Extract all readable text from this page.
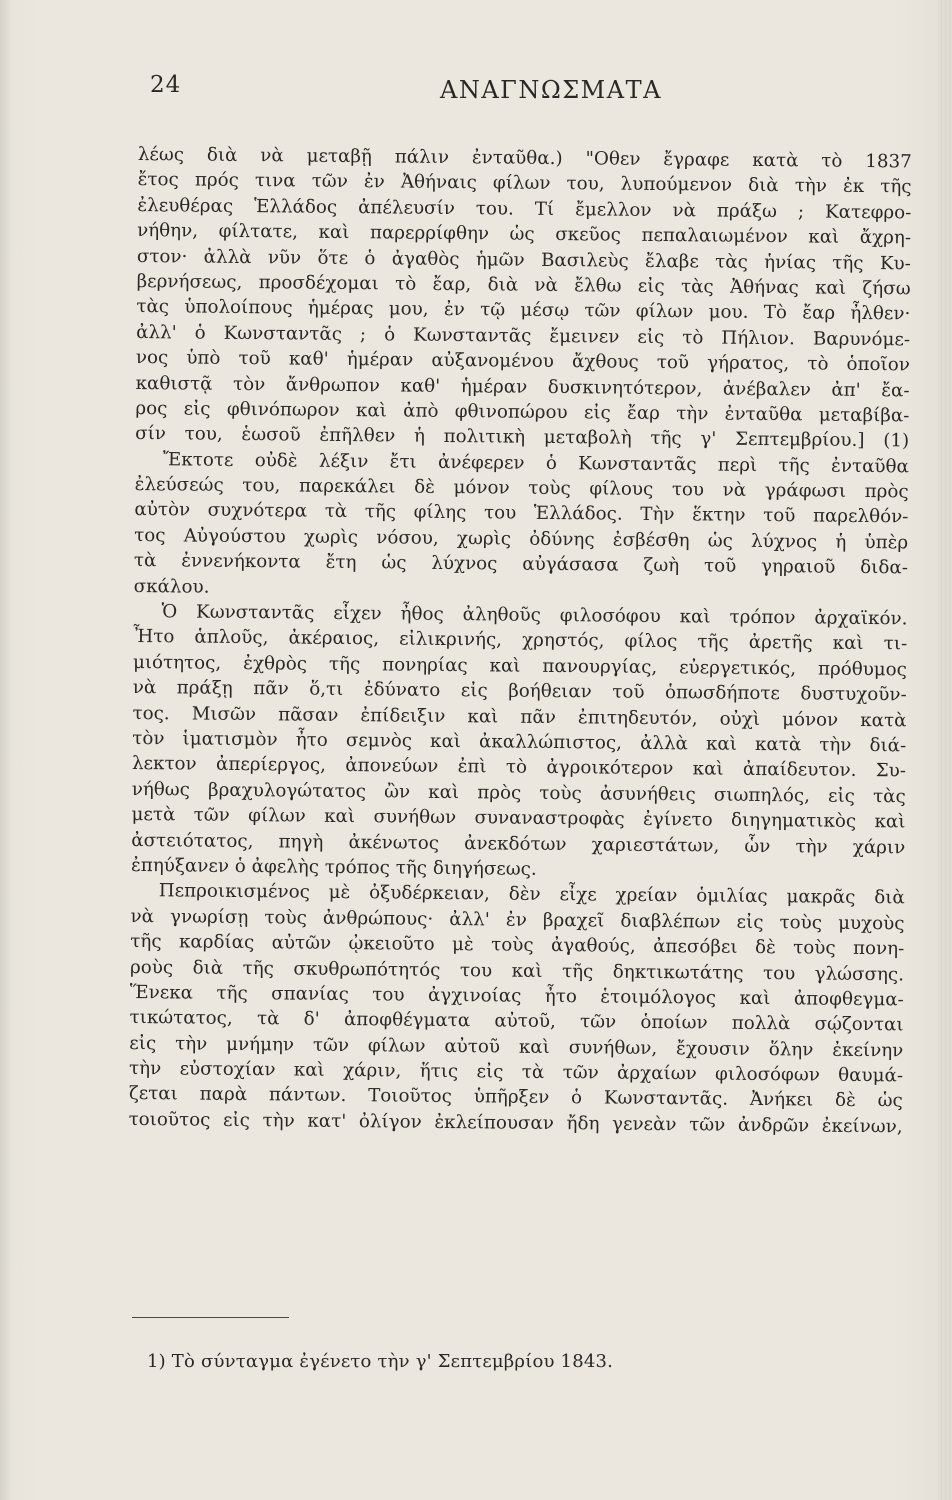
24	ΑΝΑΓΝΩΣΜΑΤΑ
λέως διὰ νὰ μεταβῇ πάλιν ἐνταῦθα.) "Οθεν ἔγραφε κατὰ τὸ 1837
ἔτος πρός τινα τῶν ἐν Ἀθήναις φίλων του, λυπούμενον διὰ τὴν ἐκ τῆς
ἐλευθέρας Ἑλλάδος ἀπέλευσίν του. Τί ἔμελλον νὰ πράξω ; Κατεφρο-
νήθην, φίλτατε, καὶ παρερρίφθην ὡς σκεῦος πεπαλαιωμένον καὶ ἄχρη-
στον· ἀλλὰ νῦν ὅτε ὁ ἀγαθὸς ἡμῶν Βασιλεὺς ἔλαβε τὰς ἡνίας τῆς Κυ-
βερνήσεως, προσδέχομαι τὸ ἔαρ, διὰ νὰ ἔλθω εἰς τὰς Ἀθήνας καὶ ζήσω
τὰς ὑπολοίπους ἡμέρας μου, ἐν τῷ μέσῳ τῶν φίλων μου. Τὸ ἔαρ ἦλθεν·
ἀλλ' ὁ Κωνσταντᾶς ; ὁ Κωνσταντᾶς ἔμεινεν εἰς τὸ Πήλιον. Βαρυνόμε-
νος ὑπὸ τοῦ καθ' ἡμέραν αὐξανομένου ἄχθους τοῦ γήρατος, τὸ ὁποῖον
καθιστᾷ τὸν ἄνθρωπον καθ' ἡμέραν δυσκινητότερον, ἀνέβαλεν ἀπ' ἔα-
ρος εἰς φθινόπωρον καὶ ἀπὸ φθινοπώρου εἰς ἔαρ τὴν ἐνταῦθα μεταβίβα-
σίν του, ἑωσοῦ ἐπῆλθεν ἡ πολιτικὴ μεταβολὴ τῆς γ' Σεπτεμβρίου.] (1)
Ἔκτοτε οὐδὲ λέξιν ἔτι ἀνέφερεν ὁ Κωνσταντᾶς περὶ τῆς ἐνταῦθα
ἐλεύσεώς του, παρεκάλει δὲ μόνον τοὺς φίλους του νὰ γράφωσι πρὸς
αὐτὸν συχνότερα τὰ τῆς φίλης του Ἑλλάδος. Τὴν ἕκτην τοῦ παρελθόν-
τος Αὐγούστου χωρὶς νόσου, χωρὶς ὀδύνης ἐσβέσθη ὡς λύχνος ἡ ὑπὲρ
τὰ ἐννενήκοντα ἔτη ὡς λύχνος αὐγάσασα ζωὴ τοῦ γηραιοῦ διδα-
σκάλου.
Ὁ Κωνσταντᾶς εἶχεν ἦθος ἀληθοῦς φιλοσόφου καὶ τρόπον ἀρχαϊκόν.
Ἦτο ἁπλοῦς, ἀκέραιος, εἰλικρινής, χρηστός, φίλος τῆς ἀρετῆς καὶ τι-
μιότητος, ἐχθρὸς τῆς πονηρίας καὶ πανουργίας, εὐεργετικός, πρόθυμος
νὰ πράξῃ πᾶν ὅ,τι ἐδύνατο εἰς βοήθειαν τοῦ ὁπωσδήποτε δυστυχοῦν-
τος. Μισῶν πᾶσαν ἐπίδειξιν καὶ πᾶν ἐπιτηδευτόν, οὐχὶ μόνον κατὰ
τὸν ἱματισμὸν ἦτο σεμνὸς καὶ ἀκαλλώπιστος, ἀλλὰ καὶ κατὰ τὴν διά-
λεκτον ἀπερίεργος, ἀπονεύων ἐπὶ τὸ ἀγροικότερον καὶ ἀπαίδευτον. Συ-
νήθως βραχυλογώτατος ὢν καὶ πρὸς τοὺς ἀσυνήθεις σιωπηλός, εἰς τὰς
μετὰ τῶν φίλων καὶ συνήθων συναναστροφὰς ἐγίνετο διηγηματικὸς καὶ
ἀστειότατος, πηγὴ ἀκένωτος ἀνεκδότων χαριεστάτων, ὧν τὴν χάριν
ἐπηύξανεν ὁ ἀφελὴς τρόπος τῆς διηγήσεως.
Πεπροικισμένος μὲ ὀξυδέρκειαν, δὲν εἶχε χρείαν ὁμιλίας μακρᾶς διὰ
νὰ γνωρίσῃ τοὺς ἀνθρώπους· ἀλλ' ἐν βραχεῖ διαβλέπων εἰς τοὺς μυχοὺς
τῆς καρδίας αὐτῶν ᾠκειοῦτο μὲ τοὺς ἀγαθούς, ἀπεσόβει δὲ τοὺς πονη-
ροὺς διὰ τῆς σκυθρωπότητός του καὶ τῆς δηκτικωτάτης του γλώσσης.
Ἕνεκα τῆς σπανίας του ἀγχινοίας ἦτο ἑτοιμόλογος καὶ ἀποφθεγμα-
τικώτατος, τὰ δ' ἀποφθέγματα αὐτοῦ, τῶν ὁποίων πολλὰ σῴζονται
εἰς τὴν μνήμην τῶν φίλων αὐτοῦ καὶ συνήθων, ἔχουσιν ὅλην ἐκείνην
τὴν εὐστοχίαν καὶ χάριν, ἥτις εἰς τὰ τῶν ἀρχαίων φιλοσόφων θαυμά-
ζεται παρὰ πάντων. Τοιοῦτος ὑπῆρξεν ὁ Κωνσταντᾶς. Ἀνήκει δὲ ὡς
τοιοῦτος εἰς τὴν κατ' ὀλίγον ἐκλείπουσαν ἤδη γενεὰν τῶν ἀνδρῶν ἐκείνων,
1) Τὸ σύνταγμα ἐγένετο τὴν γ' Σεπτεμβρίου 1843.
